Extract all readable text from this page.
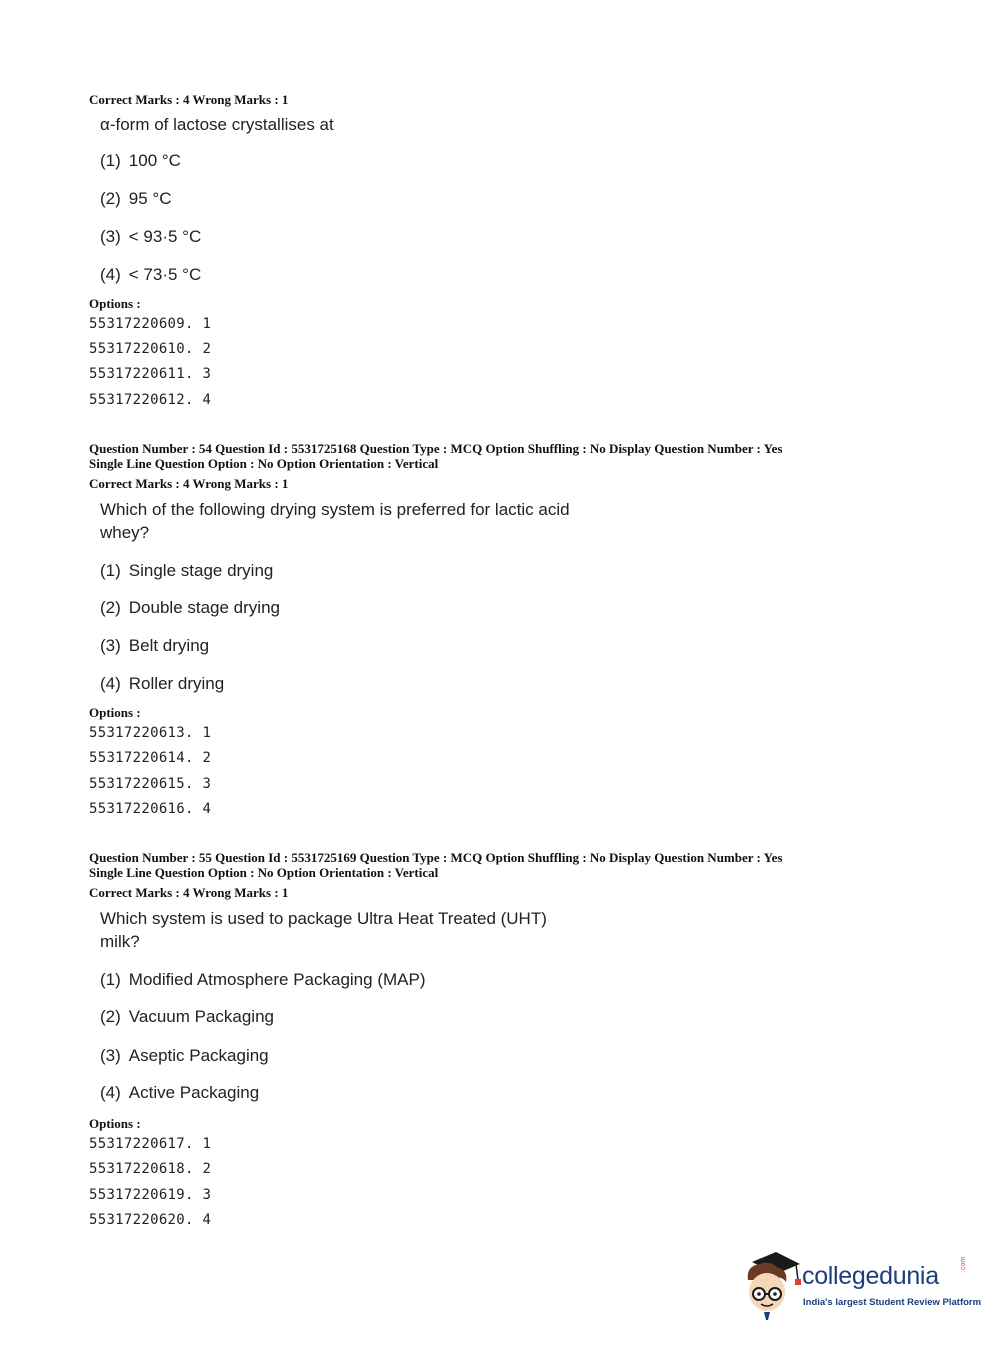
Correct Marks : 4 Wrong Marks : 1
α-form of lactose crystallises at
(1) 100 °C
(2) 95 °C
(3) < 93·5 °C
(4) < 73·5 °C
Options :
55317220609. 1
55317220610. 2
55317220611. 3
55317220612. 4
Question Number : 54 Question Id : 5531725168 Question Type : MCQ Option Shuffling : No Display Question Number : Yes
Single Line Question Option : No Option Orientation : Vertical
Correct Marks : 4 Wrong Marks : 1
Which of the following drying system is preferred for lactic acid whey?
(1) Single stage drying
(2) Double stage drying
(3) Belt drying
(4) Roller drying
Options :
55317220613. 1
55317220614. 2
55317220615. 3
55317220616. 4
Question Number : 55 Question Id : 5531725169 Question Type : MCQ Option Shuffling : No Display Question Number : Yes
Single Line Question Option : No Option Orientation : Vertical
Correct Marks : 4 Wrong Marks : 1
Which system is used to package Ultra Heat Treated (UHT) milk?
(1) Modified Atmosphere Packaging (MAP)
(2) Vacuum Packaging
(3) Aseptic Packaging
(4) Active Packaging
Options :
55317220617. 1
55317220618. 2
55317220619. 3
55317220620. 4
collegedunia	.com
India's largest Student Review Platform
